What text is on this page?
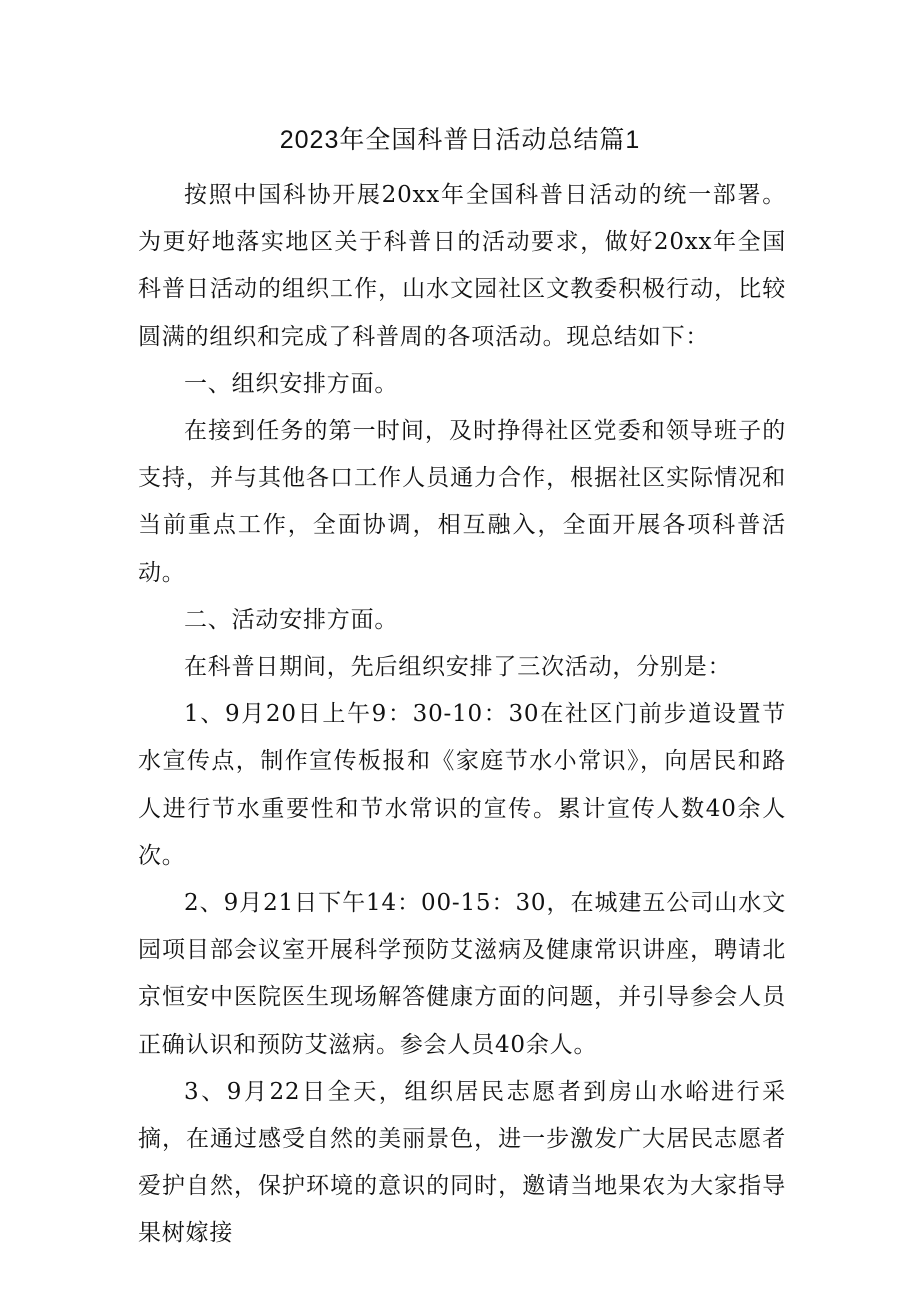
2023年全国科普日活动总结篇1

按照中国科协开展20xx年全国科普日活动的统一部署。为更好地落实地区关于科普日的活动要求，做好20xx年全国科普日活动的组织工作，山水文园社区文教委积极行动，比较圆满的组织和完成了科普周的各项活动。现总结如下：

一、组织安排方面。

在接到任务的第一时间，及时挣得社区党委和领导班子的支持，并与其他各口工作人员通力合作，根据社区实际情况和当前重点工作，全面协调，相互融入，全面开展各项科普活动。

二、活动安排方面。

在科普日期间，先后组织安排了三次活动，分别是：

1、9月20日上午9：30-10：30在社区门前步道设置节水宣传点，制作宣传板报和《家庭节水小常识》，向居民和路人进行节水重要性和节水常识的宣传。累计宣传人数40余人次。

2、9月21日下午14：00-15：30，在城建五公司山水文园项目部会议室开展科学预防艾滋病及健康常识讲座，聘请北京恒安中医院医生现场解答健康方面的问题，并引导参会人员正确认识和预防艾滋病。参会人员40余人。

3、9月22日全天，组织居民志愿者到房山水峪进行采摘，在通过感受自然的美丽景色，进一步激发广大居民志愿者爱护自然，保护环境的意识的同时，邀请当地果农为大家指导果树嫁接
